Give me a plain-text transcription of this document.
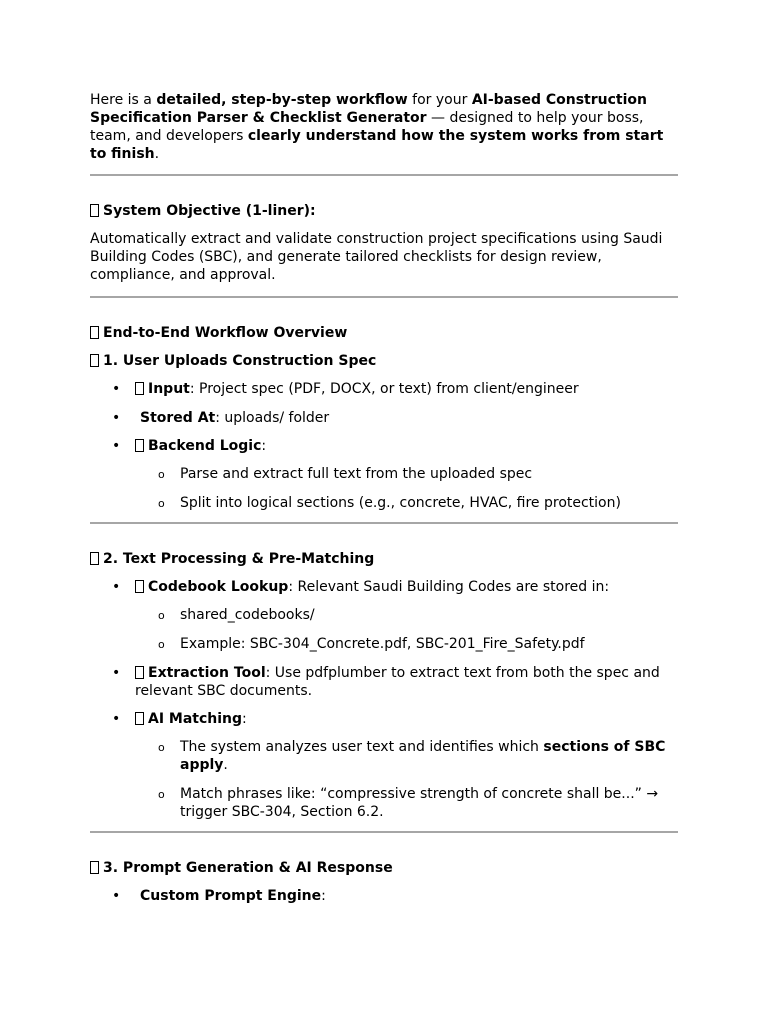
Here is a detailed, step-by-step workflow for your AI-based Construction Specification Parser & Checklist Generator — designed to help your boss, team, and developers clearly understand how the system works from start to finish.

System Objective (1-liner):

Automatically extract and validate construction project specifications using Saudi Building Codes (SBC), and generate tailored checklists for design review, compliance, and approval.

End-to-End Workflow Overview

1. User Uploads Construction Spec

• Input: Project spec (PDF, DOCX, or text) from client/engineer
• Stored At: uploads/ folder
• Backend Logic:
o Parse and extract full text from the uploaded spec
o Split into logical sections (e.g., concrete, HVAC, fire protection)

2. Text Processing & Pre-Matching

• Codebook Lookup: Relevant Saudi Building Codes are stored in:
o shared_codebooks/
o Example: SBC-304_Concrete.pdf, SBC-201_Fire_Safety.pdf
• Extraction Tool: Use pdfplumber to extract text from both the spec and relevant SBC documents.
• AI Matching:
o The system analyzes user text and identifies which sections of SBC apply.
o Match phrases like: “compressive strength of concrete shall be...” → trigger SBC-304, Section 6.2.

3. Prompt Generation & AI Response

• Custom Prompt Engine:
